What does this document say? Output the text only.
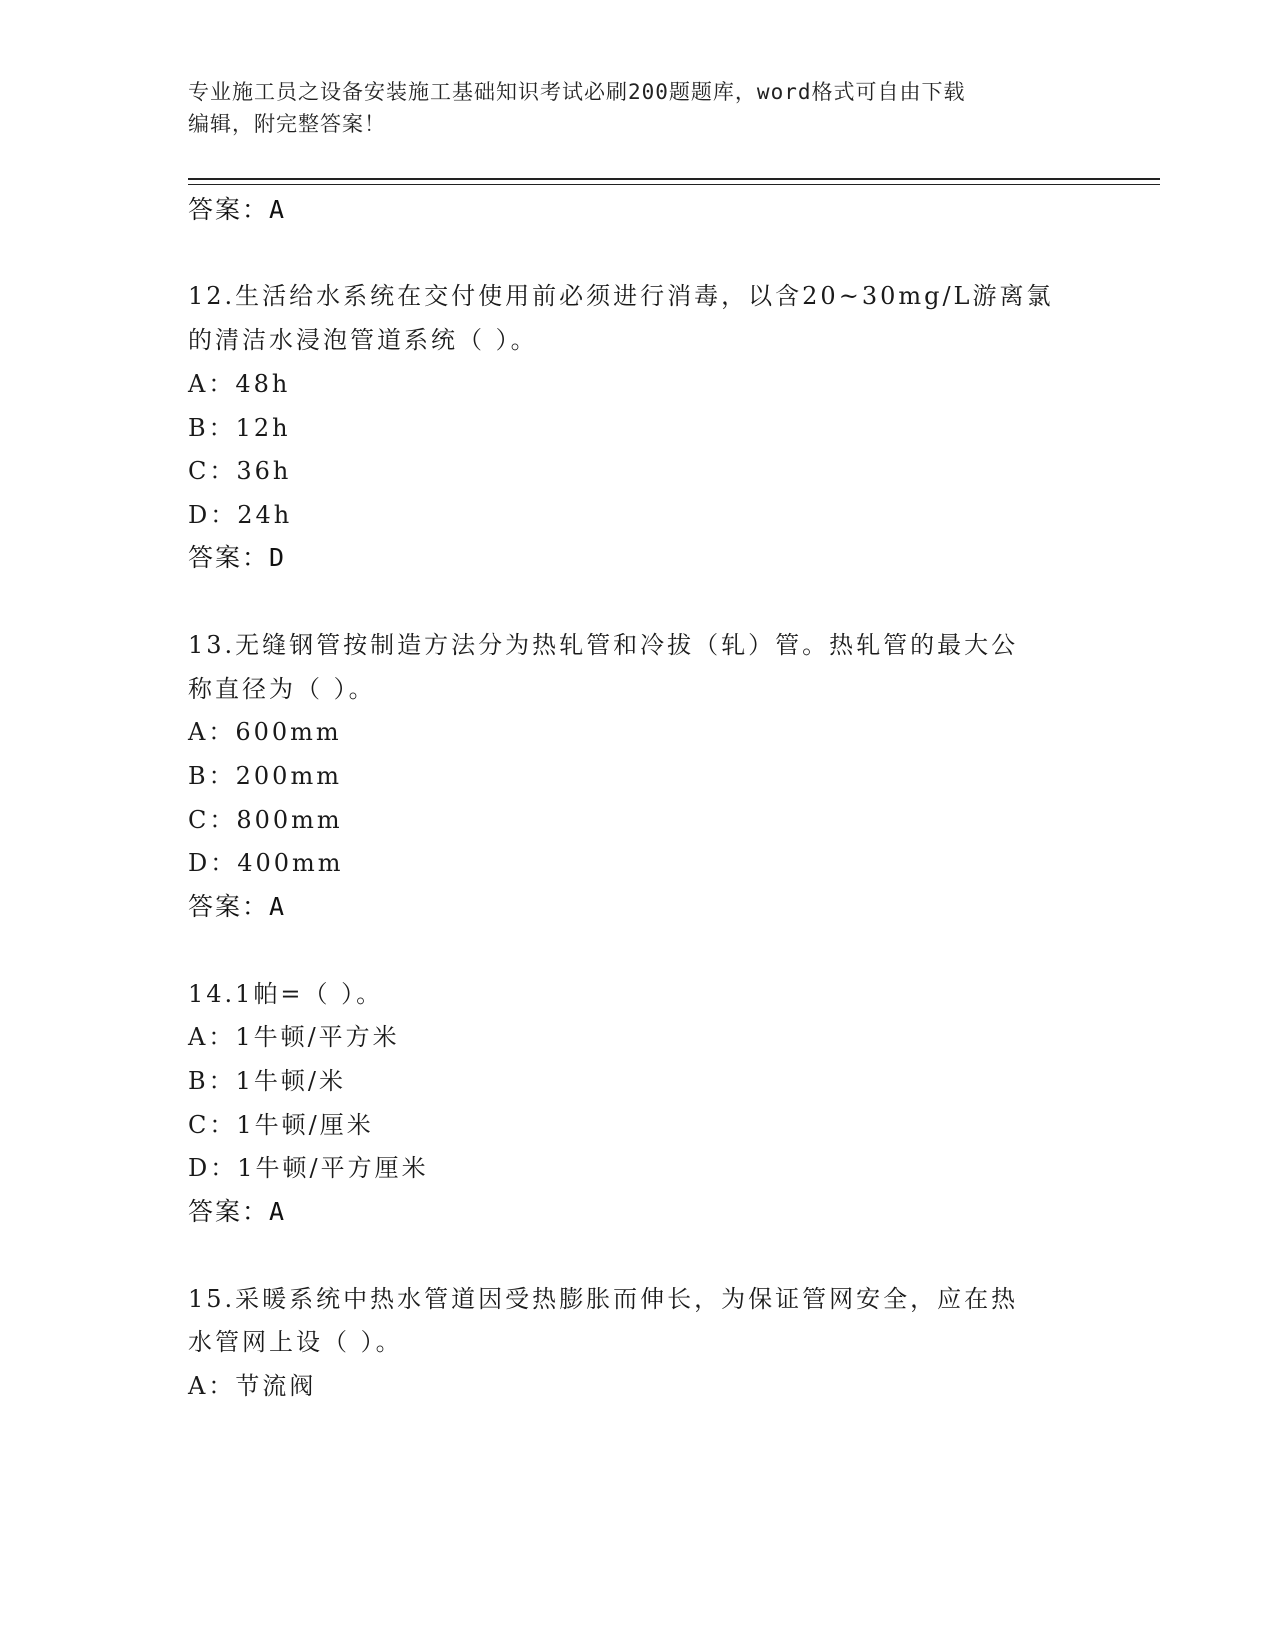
专业施工员之设备安装施工基础知识考试必刷200题题库，word格式可自由下载
编辑，附完整答案！
答案：A
12.生活给水系统在交付使用前必须进行消毒，以含20~30mg/L游离氯
的清洁水浸泡管道系统（ ）。
A：48h
B：12h
C：36h
D：24h
答案：D
13.无缝钢管按制造方法分为热轧管和冷拔（轧）管。热轧管的最大公
称直径为（ ）。
A：600mm
B：200mm
C：800mm
D：400mm
答案：A
14.1帕=（ ）。
A：1牛顿/平方米
B：1牛顿/米
C：1牛顿/厘米
D：1牛顿/平方厘米
答案：A
15.采暖系统中热水管道因受热膨胀而伸长，为保证管网安全，应在热
水管网上设（ ）。
A：节流阀
